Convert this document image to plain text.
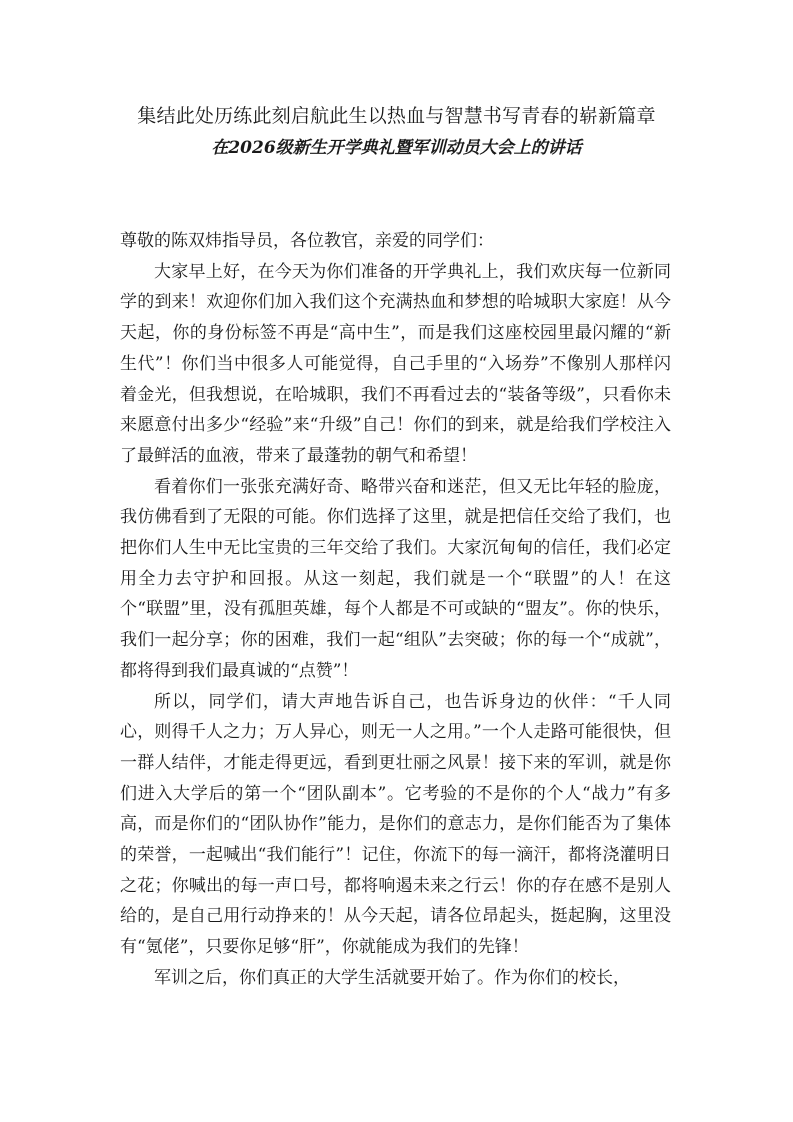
集结此处历练此刻启航此生以热血与智慧书写青春的崭新篇章
在2026级新生开学典礼暨军训动员大会上的讲话

尊敬的陈双炜指导员，各位教官，亲爱的同学们：

大家早上好，在今天为你们准备的开学典礼上，我们欢庆每一位新同学的到来！欢迎你们加入我们这个充满热血和梦想的哈城职大家庭！从今天起，你的身份标签不再是“高中生”，而是我们这座校园里最闪耀的“新生代”！你们当中很多人可能觉得，自己手里的“入场券”不像别人那样闪着金光，但我想说，在哈城职，我们不再看过去的“装备等级”，只看你未来愿意付出多少“经验”来“升级”自己！你们的到来，就是给我们学校注入了最鲜活的血液，带来了最蓬勃的朝气和希望！

看着你们一张张充满好奇、略带兴奋和迷茫，但又无比年轻的脸庞，我仿佛看到了无限的可能。你们选择了这里，就是把信任交给了我们，也把你们人生中无比宝贵的三年交给了我们。大家沉甸甸的信任，我们必定用全力去守护和回报。从这一刻起，我们就是一个“联盟”的人！在这个“联盟”里，没有孤胆英雄，每个人都是不可或缺的“盟友”。你的快乐，我们一起分享；你的困难，我们一起“组队”去突破；你的每一个“成就”，都将得到我们最真诚的“点赞”！

所以，同学们，请大声地告诉自己，也告诉身边的伙伴：“千人同心，则得千人之力；万人异心，则无一人之用。”一个人走路可能很快，但一群人结伴，才能走得更远，看到更壮丽之风景！接下来的军训，就是你们进入大学后的第一个“团队副本”。它考验的不是你的个人“战力”有多高，而是你们的“团队协作”能力，是你们的意志力，是你们能否为了集体的荣誉，一起喊出“我们能行”！记住，你流下的每一滴汗，都将浇灌明日之花；你喊出的每一声口号，都将响遏未来之行云！你的存在感不是别人给的，是自己用行动挣来的！从今天起，请各位昂起头，挺起胸，这里没有“氪佬”，只要你足够“肝”，你就能成为我们的先锋！

军训之后，你们真正的大学生活就要开始了。作为你们的校长，
